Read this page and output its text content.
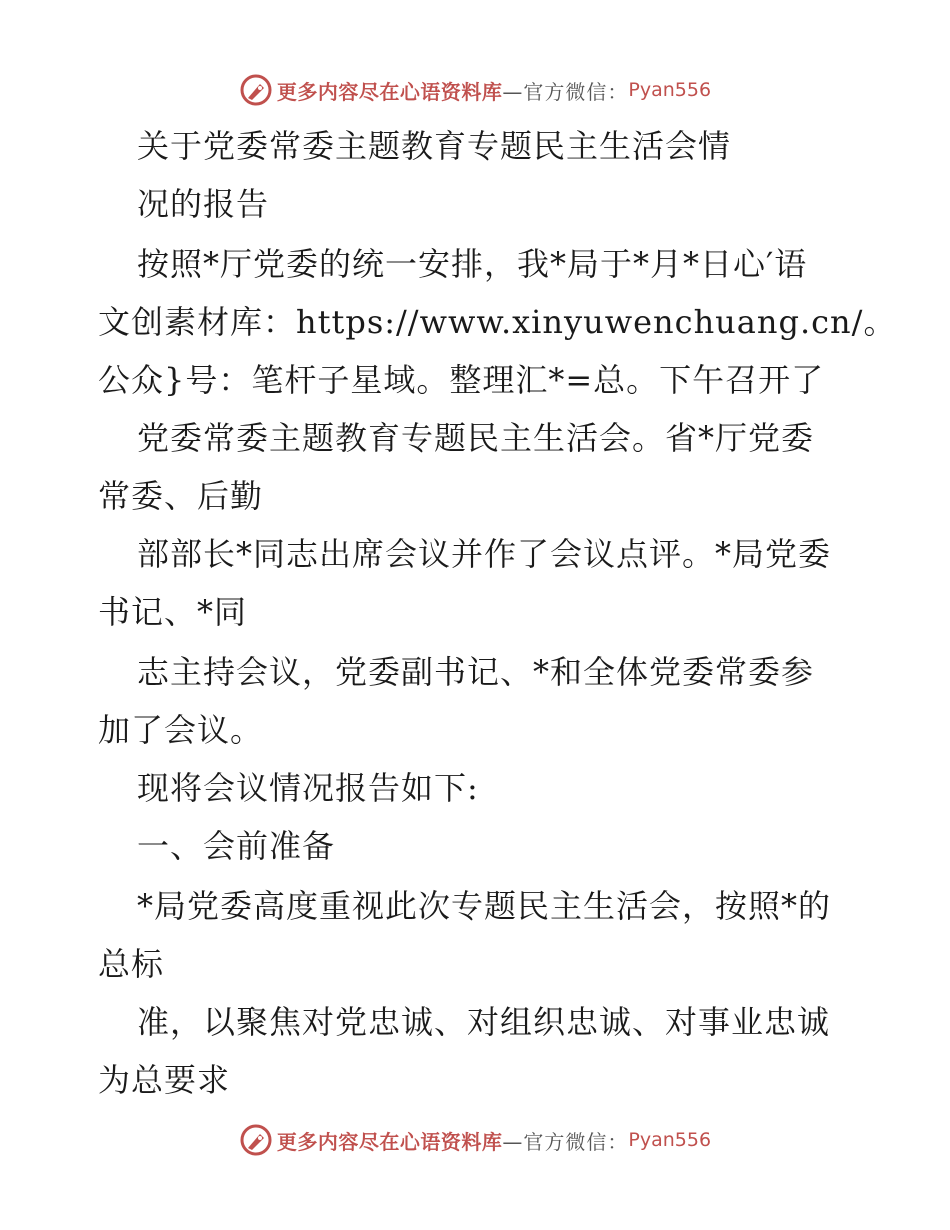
更多内容尽在心语资料库 —官方微信： Pyan556
关于党委常委主题教育专题民主生活会情
况的报告
按照*厅党委的统一安排，我*局于*月*日心′语
文创素材库：https://www.xinyuwenchuang.cn/。
公众}号：笔杆子星域。整理汇*=总。下午召开了
党委常委主题教育专题民主生活会。省*厅党委
常委、后勤
部部长*同志出席会议并作了会议点评。*局党委
书记、*同
志主持会议，党委副书记、*和全体党委常委参
加了会议。
现将会议情况报告如下:
一、会前准备
*局党委高度重视此次专题民主生活会，按照*的
总标
准，以聚焦对党忠诚、对组织忠诚、对事业忠诚
为总要求
更多内容尽在心语资料库 —官方微信： Pyan556
